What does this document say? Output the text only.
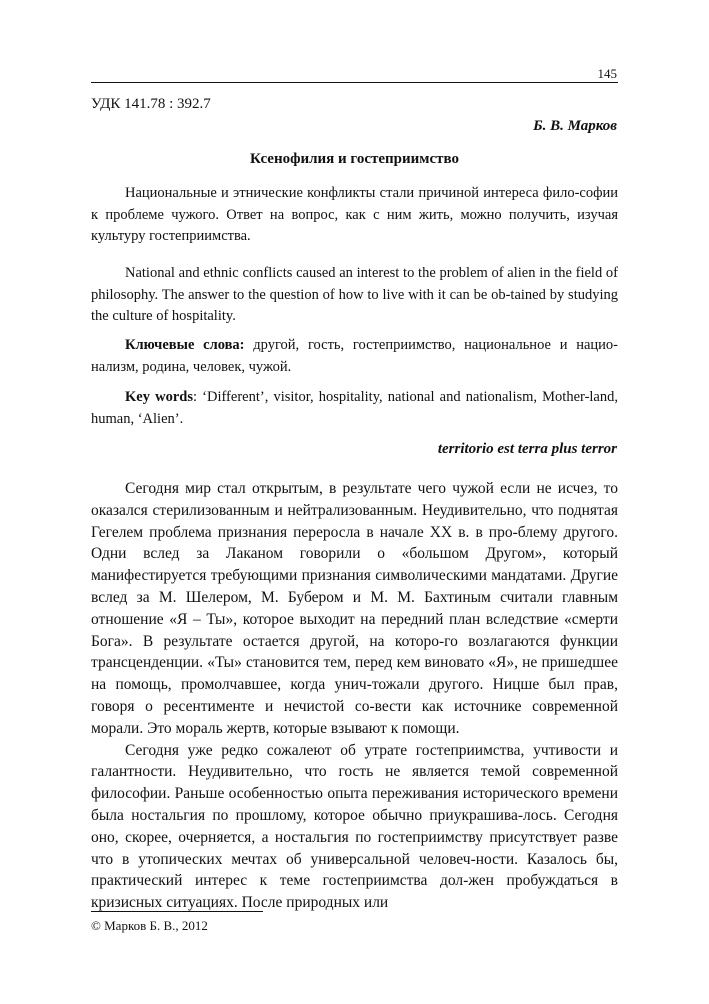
145
УДК 141.78 : 392.7
Б. В. Марков
Ксенофилия и гостеприимство

Национальные и этнические конфликты стали причиной интереса фило-софии к проблеме чужого. Ответ на вопрос, как с ним жить, можно получить, изучая культуру гостеприимства.

National and ethnic conflicts caused an interest to the problem of alien in the field of philosophy. The answer to the question of how to live with it can be ob-tained by studying the culture of hospitality.

Ключевые слова: другой, гость, гостеприимство, национальное и нацио-нализм, родина, человек, чужой.

Key words: ‘Different’, visitor, hospitality, national and nationalism, Mother-land, human, ‘Alien’.

territorio est terra plus terror

Сегодня мир стал открытым, в результате чего чужой если не исчез, то оказался стерилизованным и нейтрализованным. Неудивительно, что поднятая Гегелем проблема признания переросла в начале XX в. в про-блему другого. Одни вслед за Лаканом говорили о «большом Другом», который манифестируется требующими признания символическими мандатами. Другие вслед за М. Шелером, М. Бубером и М. М. Бахтиным считали главным отношение «Я – Ты», которое выходит на передний план вследствие «смерти Бога». В результате остается другой, на которо-го возлагаются функции трансценденции. «Ты» становится тем, перед кем виновато «Я», не пришедшее на помощь, промолчавшее, когда унич-тожали другого. Ницше был прав, говоря о ресентименте и нечистой со-вести как источнике современной морали. Это мораль жертв, которые взывают к помощи.

Сегодня уже редко сожалеют об утрате гостеприимства, учтивости и галантности. Неудивительно, что гость не является темой современной философии. Раньше особенностью опыта переживания исторического времени была ностальгия по прошлому, которое обычно приукрашива-лось. Сегодня оно, скорее, очерняется, а ностальгия по гостеприимству присутствует разве что в утопических мечтах об универсальной человеч-ности. Казалось бы, практический интерес к теме гостеприимства дол-жен пробуждаться в кризисных ситуациях. После природных или

© Марков Б. В., 2012
